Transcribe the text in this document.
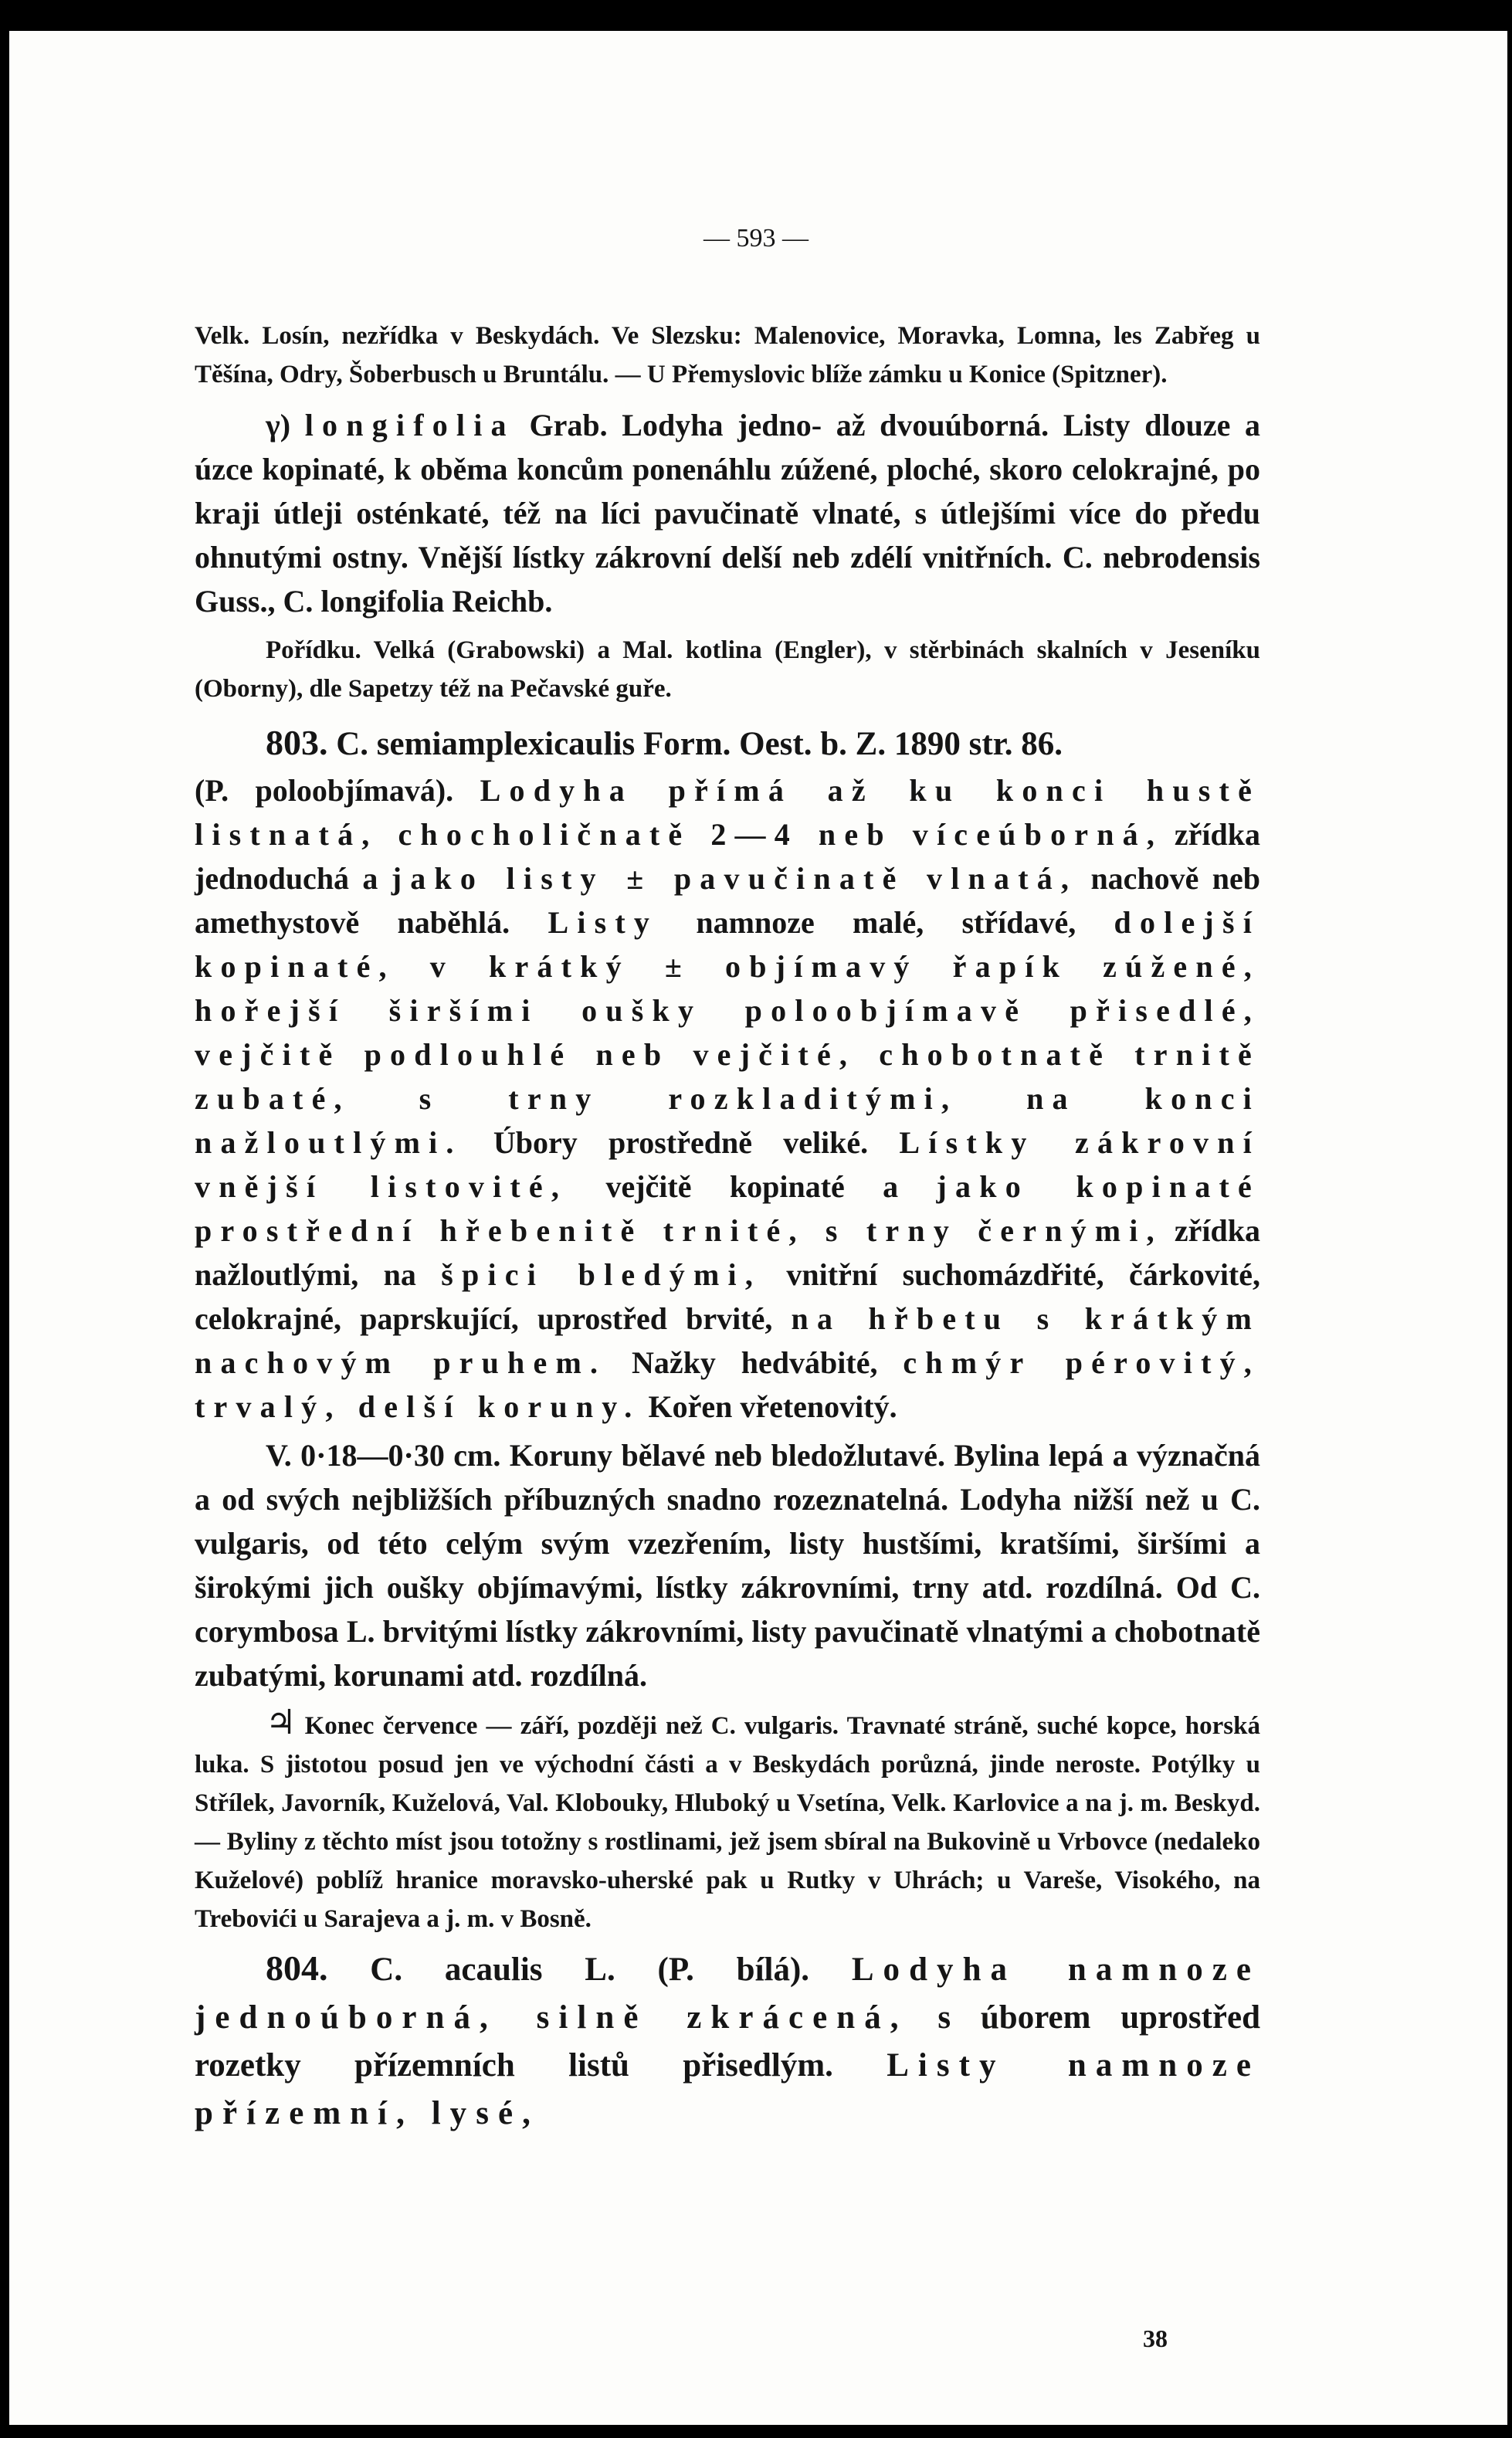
— 593 —

Velk. Losín, nezřídka v Beskydách. Ve Slezsku: Malenovice, Moravka, Lomna, les Zabřeg u Těšína, Odry, Šoberbusch u Bruntálu. — U Přemyslovic blíže zámku u Konice (Spitzner).

γ) longifolia Grab. Lodyha jedno- až dvouúborná. Listy dlouze a úzce kopinaté, k oběma koncům ponenáhlu zúžené, ploché, skoro celokrajné, po kraji útleji osténkaté, též na líci pavučinatě vlnaté, s útlejšími více do předu ohnutými ostny. Vnější lístky zákrovní delší neb zdélí vnitřních. C. nebrodensis Guss., C. longifolia Reichb.

Pořídku. Velká (Grabowski) a Mal. kotlina (Engler), v stěrbinách skalních v Jeseníku (Oborny), dle Sapetzy též na Pečavské guře.

803. C. semiamplexicaulis Form. Oest. b. Z. 1890 str. 86.

(P. poloobjímavá). Lodyha přímá až ku konci hustě listnatá, chocholičnatě 2—4 neb víceúborná, zřídka jednoduchá a jako listy ± pavučinatě vlnatá, nachově neb amethystově naběhlá. Listy namnoze malé, střídavé, dolejší kopinaté, v krátký ± objímavý řapík zúžené, hořejší širšími oušky poloobjímavě přisedlé, vejčitě podlouhlé neb vejčité, chobotnatě trnitě zubaté, s trny rozkladitými, na konci nažloutlými. Úbory prostředně veliké. Lístky zákrovní vnější listovité, vejčitě kopinaté a jako kopinaté prostřední hřebenitě trnité, s trny černými, zřídka nažloutlými, na špici bledými, vnitřní suchomázdřité, čárkovité, celokrajné, paprskující, uprostřed brvité, na hřbetu s krátkým nachovým pruhem. Nažky hedvábité, chmýr pérovitý, trvalý, delší koruny. Kořen vřetenovitý.

V. 0·18—0·30 cm. Koruny bělavé neb bledožlutavé. Bylina lepá a význačná a od svých nejbližších příbuzných snadno rozeznatelná. Lodyha nižší než u C. vulgaris, od této celým svým vzezřením, listy hustšími, kratšími, širšími a širokými jich oušky objímavými, lístky zákrovními, trny atd. rozdílná. Od C. corymbosa L. brvitými lístky zákrovními, listy pavučinatě vlnatými a chobotnatě zubatými, korunami atd. rozdílná.

♃ Konec července — září, později než C. vulgaris. Travnaté stráně, suché kopce, horská luka. S jistotou posud jen ve východní části a v Beskydách porůzná, jinde neroste. Potýlky u Střílek, Javorník, Kuželová, Val. Klobouky, Hluboký u Vsetína, Velk. Karlovice a na j. m. Beskyd. — Byliny z těchto míst jsou totožny s rostlinami, jež jsem sbíral na Bukovině u Vrbovce (nedaleko Kuželové) poblíž hranice moravsko-uherské pak u Rutky v Uhrách; u Vareše, Visokého, na Trebovići u Sarajeva a j. m. v Bosně.

804. C. acaulis L. (P. bílá). Lodyha namnoze jednoúborná, silně zkrácená, s úborem uprostřed rozetky přízemních listů přisedlým. Listy namnoze přízemní, lysé,

38
